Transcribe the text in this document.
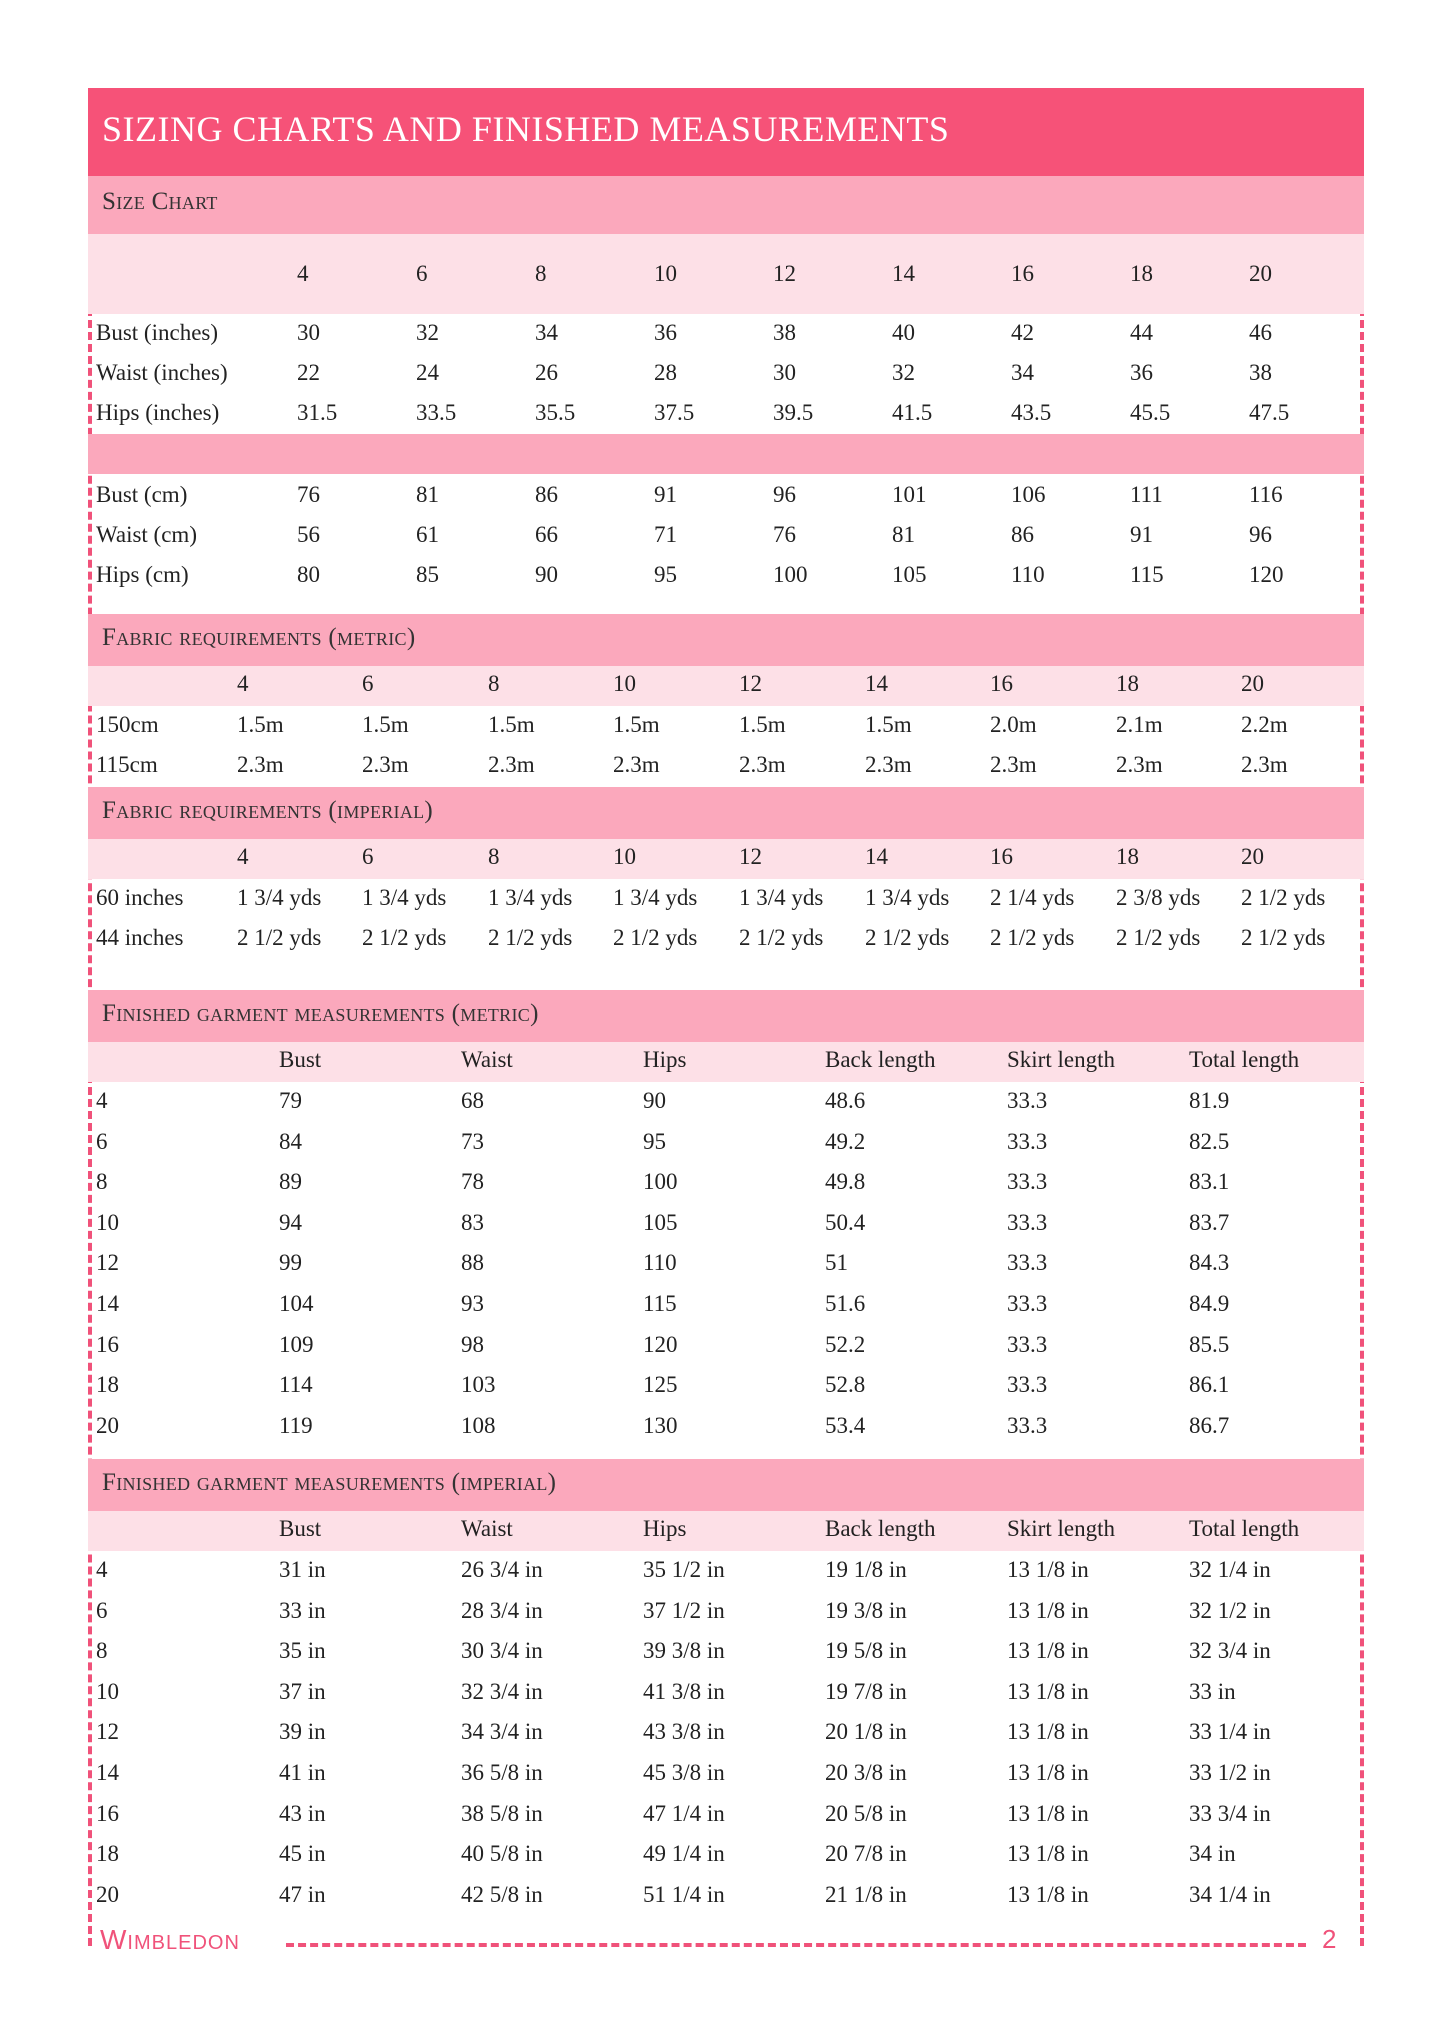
SIZING CHARTS AND FINISHED MEASUREMENTS
Size Chart
Fabric requirements (metric)
Fabric requirements (imperial)
Finished garment measurements (metric)
Finished garment measurements (imperial)
4	6	8	10	12	14	16	18	20
Bust (inches)	30	32	34	36	38	40	42	44	46
Waist (inches)	22	24	26	28	30	32	34	36	38
Hips (inches)	31.5	33.5	35.5	37.5	39.5	41.5	43.5	45.5	47.5
Bust (cm)	76	81	86	91	96	101	106	111	116
Waist (cm)	56	61	66	71	76	81	86	91	96
Hips (cm)	80	85	90	95	100	105	110	115	120
4	6	8	10	12	14	16	18	20
150cm	1.5m	1.5m	1.5m	1.5m	1.5m	1.5m	2.0m	2.1m	2.2m
115cm	2.3m	2.3m	2.3m	2.3m	2.3m	2.3m	2.3m	2.3m	2.3m
4	6	8	10	12	14	16	18	20
60 inches 1 3/4 yds 1 3/4 yds 1 3/4 yds 1 3/4 yds 1 3/4 yds 1 3/4 yds 2 1/4 yds 2 3/8 yds 2 1/2 yds
44 inches 2 1/2 yds 2 1/2 yds 2 1/2 yds 2 1/2 yds 2 1/2 yds 2 1/2 yds 2 1/2 yds 2 1/2 yds 2 1/2 yds
Bust	Waist	Hips	Back length	Skirt length	Total length
4	79	68	90	48.6	33.3	81.9
6	84	73	95	49.2	33.3	82.5
8	89	78	100	49.8	33.3	83.1
10	94	83	105	50.4	33.3	83.7
12	99	88	110	51	33.3	84.3
14	104	93	115	51.6	33.3	84.9
16	109	98	120	52.2	33.3	85.5
18	114	103	125	52.8	33.3	86.1
20	119	108	130	53.4	33.3	86.7
Bust	Waist	Hips	Back length	Skirt length	Total length
4	31 in	26 3/4 in	35 1/2 in	19 1/8 in	13 1/8 in	32 1/4 in
6	33 in	28 3/4 in	37 1/2 in	19 3/8 in	13 1/8 in	32 1/2 in
8	35 in	30 3/4 in	39 3/8 in	19 5/8 in	13 1/8 in	32 3/4 in
10	37 in	32 3/4 in	41 3/8 in	19 7/8 in	13 1/8 in	33 in
12	39 in	34 3/4 in	43 3/8 in	20 1/8 in	13 1/8 in	33 1/4 in
14	41 in	36 5/8 in	45 3/8 in	20 3/8 in	13 1/8 in	33 1/2 in
16	43 in	38 5/8 in	47 1/4 in	20 5/8 in	13 1/8 in	33 3/4 in
18	45 in	40 5/8 in	49 1/4 in	20 7/8 in	13 1/8 in	34 in
20	47 in	42 5/8 in	51 1/4 in	21 1/8 in	13 1/8 in	34 1/4 in
Wimbledon	2
